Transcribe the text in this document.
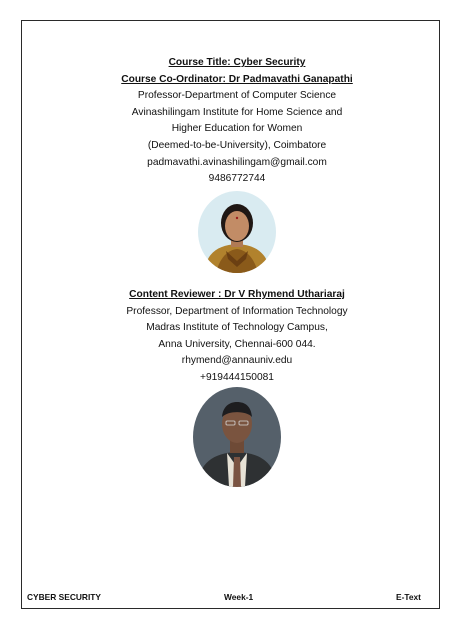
Course Title: Cyber Security
Course Co-Ordinator: Dr Padmavathi Ganapathi
Professor-Department of Computer Science
Avinashilingam Institute for Home Science and
Higher Education for Women
(Deemed-to-be-University), Coimbatore
padmavathi.avinashilingam@gmail.com
9486772744
Content Reviewer : Dr V Rhymend Uthariaraj
Professor, Department of Information Technology
Madras Institute of Technology Campus,
Anna University, Chennai-600 044.
rhymend@annauniv.edu
+919444150081
CYBER SECURITY	Week-1	E-Text
